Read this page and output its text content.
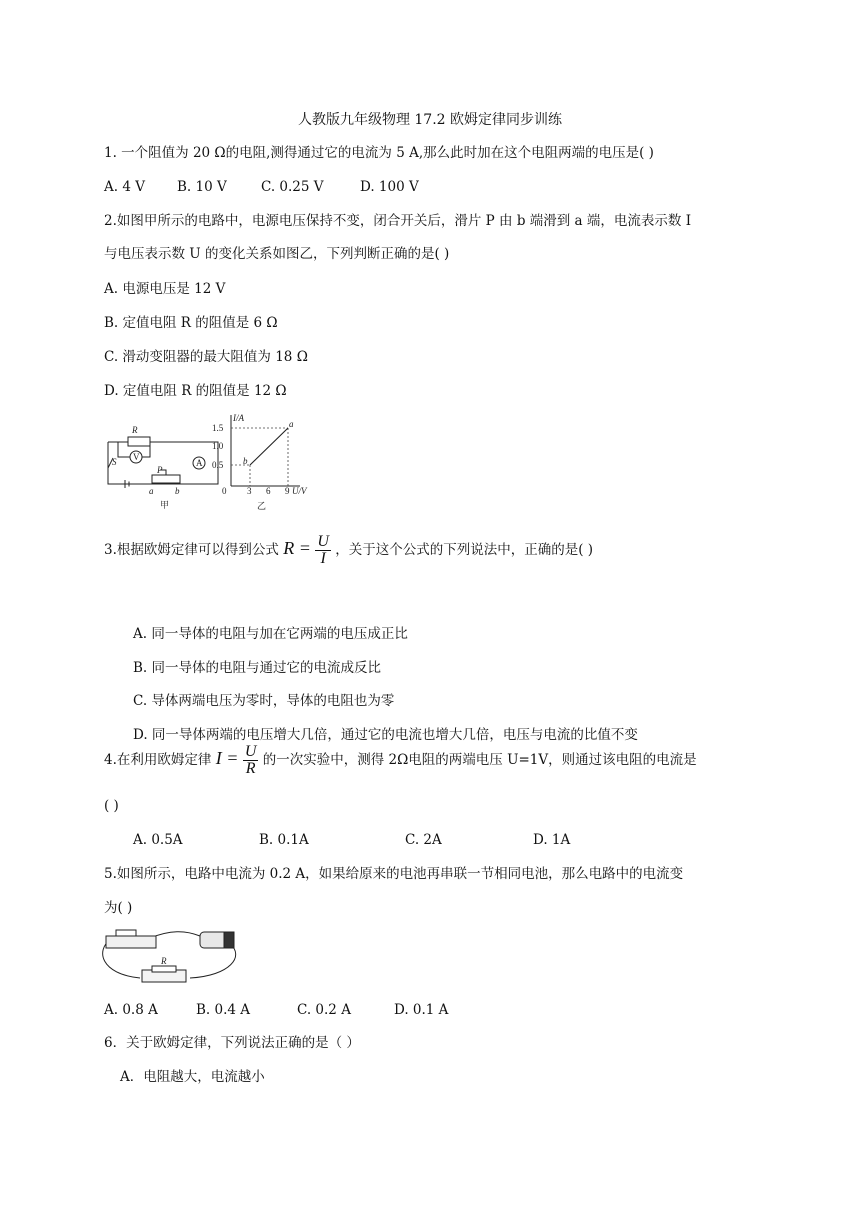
人教版九年级物理 17.2 欧姆定律同步训练
1. 一个阻值为 20 Ω的电阻,测得通过它的电流为 5 A,那么此时加在这个电阻两端的电压是( )
A. 4 V B. 10 V	C. 0.25 V	D. 100 V
2.如图甲所示的电路中，电源电压保持不变，闭合开关后，滑片 P 由 b 端滑到 a 端，电流表示数 I
与电压表示数 U 的变化关系如图乙，下列判断正确的是( )
A. 电源电压是 12 V
B. 定值电阻 R 的阻值是 6 Ω
C. 滑动变阻器的最大阻值为 18 Ω
D. 定值电阻 R 的阻值是 12 Ω
R
V
A
S
P
a b
甲
I/A
1.5
1.0
0.5
0 3 6 9 U/V
a
b
乙
3.根据欧姆定律可以得到公式 $R = \frac{U}{I}$ ，关于这个公式的下列说法中，正确的是( )
A. 同一导体的电阻与加在它两端的电压成正比
B. 同一导体的电阻与通过它的电流成反比
C. 导体两端电压为零时，导体的电阻也为零
D. 同一导体两端的电压增大几倍，通过它的电流也增大几倍，电压与电流的比值不变
4.在利用欧姆定律 $I = \frac{U}{R}$ 的一次实验中，测得 2Ω电阻的两端电压 U=1V，则通过该电阻的电流是
( )
A. 0.5A	B. 0.1A	C. 2A	D. 1A
5.如图所示，电路中电流为 0.2 A，如果给原来的电池再串联一节相同电池，那么电路中的电流变
为( )
R
A. 0.8 A	B. 0.4 A	C. 0.2 A	D. 0.1 A
6．关于欧姆定律，下列说法正确的是（ ）
A．电阻越大，电流越小
